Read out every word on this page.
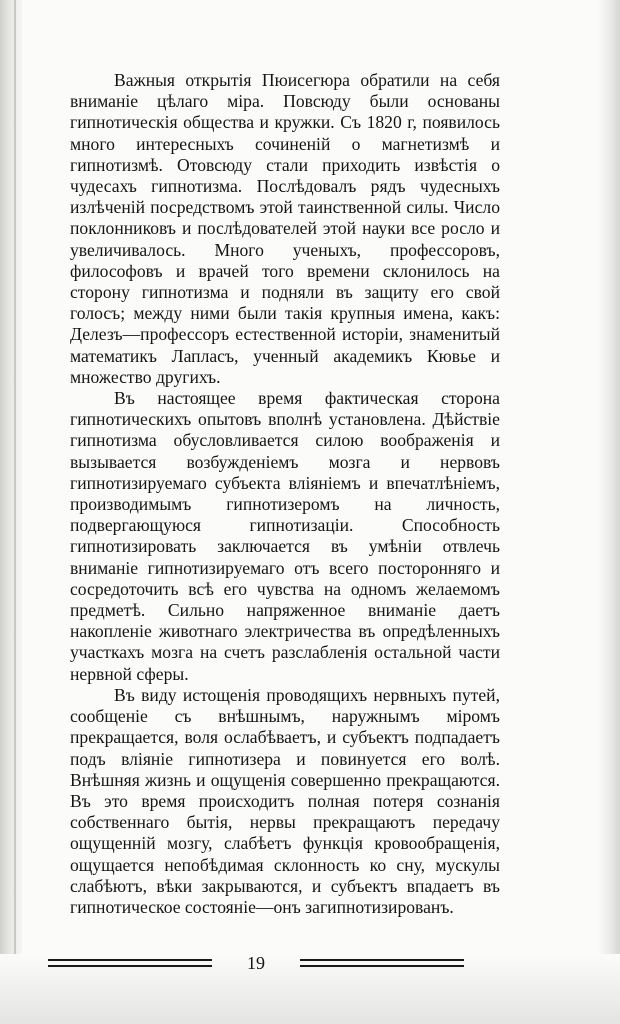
Важныя открытія Пюисегюра обратили на себя вниманіе цѣлаго міра. Повсюду были основаны гипнотическія общества и кружки. Съ 1820 г, появилось много интересныхъ сочиненій о магнетизмѣ и гипнотизмѣ. Отовсюду стали приходить извѣстія о чудесахъ гипнотизма. Послѣдовалъ рядъ чудесныхъ излѣченій посредствомъ этой таинственной силы. Число поклонниковъ и послѣдователей этой науки все росло и увеличивалось. Много ученыхъ, профессоровъ, философовъ и врачей того времени склонилось на сторону гипнотизма и подняли въ защиту его свой голосъ; между ними были такія крупныя имена, какъ: Делезъ—профессоръ естественной исторіи, знаменитый математикъ Лапласъ, ученный академикъ Кювье и множество другихъ.

Въ настоящее время фактическая сторона гипнотическихъ опытовъ вполнѣ установлена. Дѣйствіе гипнотизма обусловливается силою воображенія и вызывается возбужденіемъ мозга и нервовъ гипнотизируемаго субъекта вліяніемъ и впечатлѣніемъ, производимымъ гипнотизеромъ на личность, подвергающуюся гипнотизаціи. Способность гипнотизировать заключается въ умѣніи отвлечь вниманіе гипнотизируемаго отъ всего посторонняго и сосредоточить всѣ его чувства на одномъ желаемомъ предметѣ. Сильно напряженное вниманіе даетъ накопленіе животнаго электричества въ опредѣленныхъ участкахъ мозга на счетъ разслабленія остальной части нервной сферы.

Въ виду истощенія проводящихъ нервныхъ путей, сообщеніе съ внѣшнымъ, наружнымъ міромъ прекращается, воля ослабѣваетъ, и субъектъ подпадаетъ подъ вліяніе гипнотизера и повинуется его волѣ. Внѣшняя жизнь и ощущенія совершенно прекращаются. Въ это время происходитъ полная потеря сознанія собственнаго бытія, нервы прекращаютъ передачу ощущенній мозгу, слабѣетъ функція кровообращенія, ощущается непобѣдимая склонность ко сну, мускулы слабѣютъ, вѣки закрываются, и субъектъ впадаетъ въ гипнотическое состояніе—онъ загипнотизированъ.

19
